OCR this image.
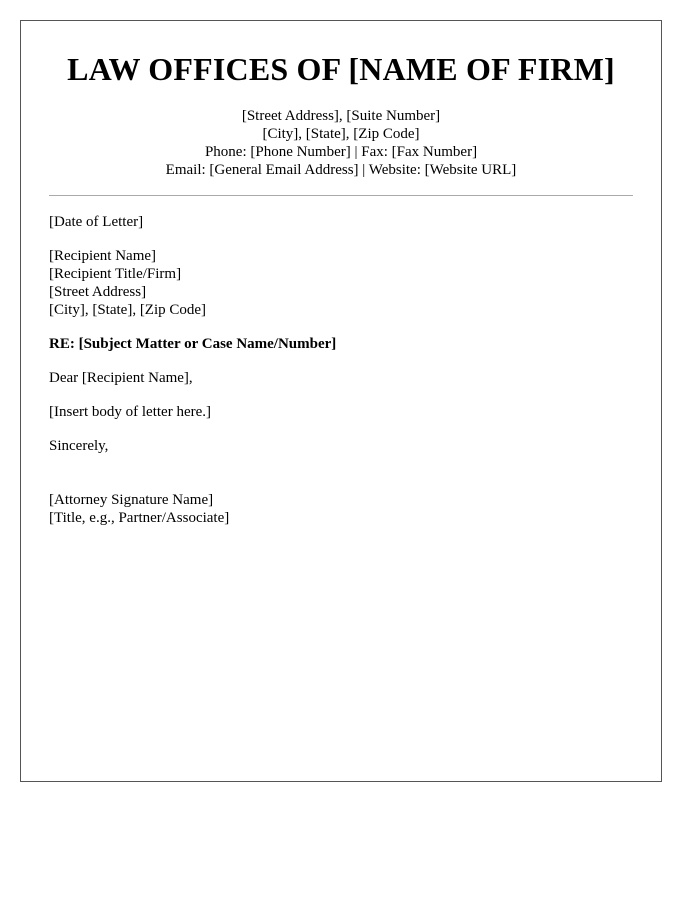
LAW OFFICES OF [NAME OF FIRM]
[Street Address], [Suite Number]
[City], [State], [Zip Code]
Phone: [Phone Number] | Fax: [Fax Number]
Email: [General Email Address] | Website: [Website URL]
[Date of Letter]
[Recipient Name]
[Recipient Title/Firm]
[Street Address]
[City], [State], [Zip Code]
RE: [Subject Matter or Case Name/Number]
Dear [Recipient Name],
[Insert body of letter here.]
Sincerely,
[Attorney Signature Name]
[Title, e.g., Partner/Associate]
